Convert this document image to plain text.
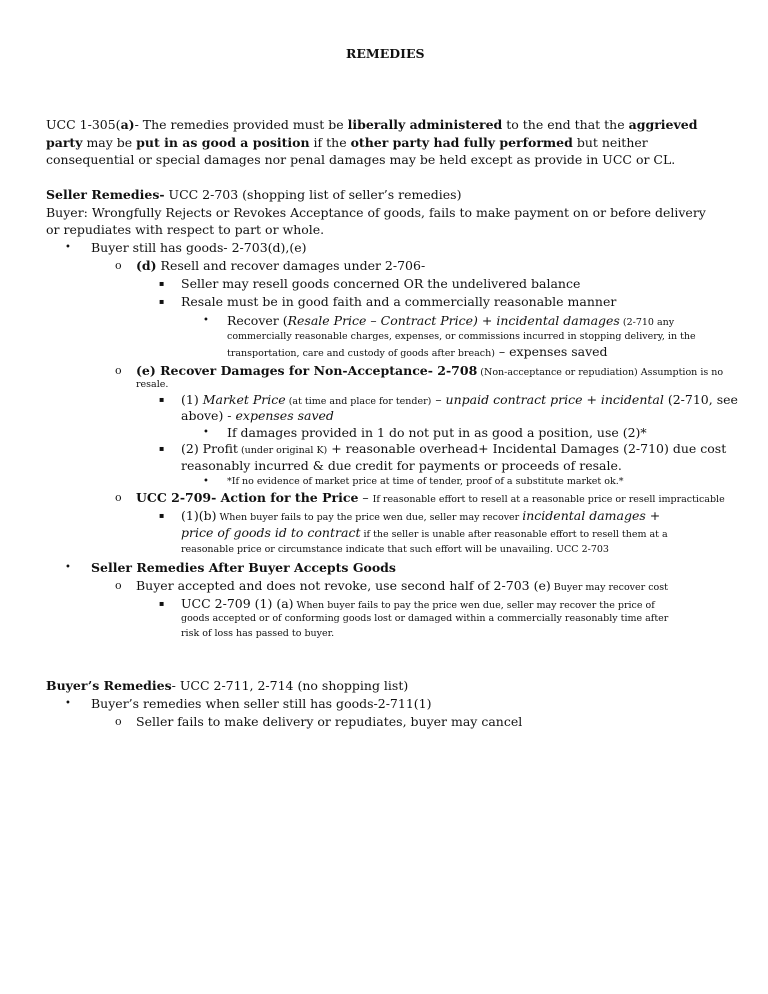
REMEDIES
UCC 1-305(a)- The remedies provided must be liberally administered to the end that the aggrieved
party may be put in as good a position if the other party had fully performed but neither
consequential or special damages nor penal damages may be held except as provide in UCC or CL.
Seller Remedies- UCC 2-703 (shopping list of seller’s remedies)
Buyer: Wrongfully Rejects or Revokes Acceptance of goods, fails to make payment on or before delivery
or repudiates with respect to part or whole.
• Buyer still has goods- 2-703(d),(e)
o (d) Resell and recover damages under 2-706-
▪ Seller may resell goods concerned OR the undelivered balance
▪ Resale must be in good faith and a commercially reasonable manner
• Recover (Resale Price – Contract Price) + incidental damages (2-710 any
commercially reasonable charges, expenses, or commissions incurred in stopping delivery, in the
transportation, care and custody of goods after breach) – expenses saved
o (e) Recover Damages for Non-Acceptance- 2-708 (Non-acceptance or repudiation) Assumption is no
resale.
▪ (1) Market Price (at time and place for tender) – unpaid contract price + incidental (2-710, see
above) - expenses saved
• If damages provided in 1 do not put in as good a position, use (2)*
▪ (2) Profit (under original K) + reasonable overhead+ Incidental Damages (2-710) due cost
reasonably incurred & due credit for payments or proceeds of resale.
• *If no evidence of market price at time of tender, proof of a substitute market ok.*
o UCC 2-709- Action for the Price – If reasonable effort to resell at a reasonable price or resell impracticable
▪ (1)(b) When buyer fails to pay the price wen due, seller may recover incidental damages +
price of goods id to contract if the seller is unable after reasonable effort to resell them at a
reasonable price or circumstance indicate that such effort will be unavailing. UCC 2-703
• Seller Remedies After Buyer Accepts Goods
o Buyer accepted and does not revoke, use second half of 2-703 (e) Buyer may recover cost
▪ UCC 2-709 (1) (a) When buyer fails to pay the price wen due, seller may recover the price of
goods accepted or of conforming goods lost or damaged within a commercially reasonably time after
risk of loss has passed to buyer.
Buyer’s Remedies- UCC 2-711, 2-714 (no shopping list)
• Buyer’s remedies when seller still has goods-2-711(1)
o Seller fails to make delivery or repudiates, buyer may cancel
